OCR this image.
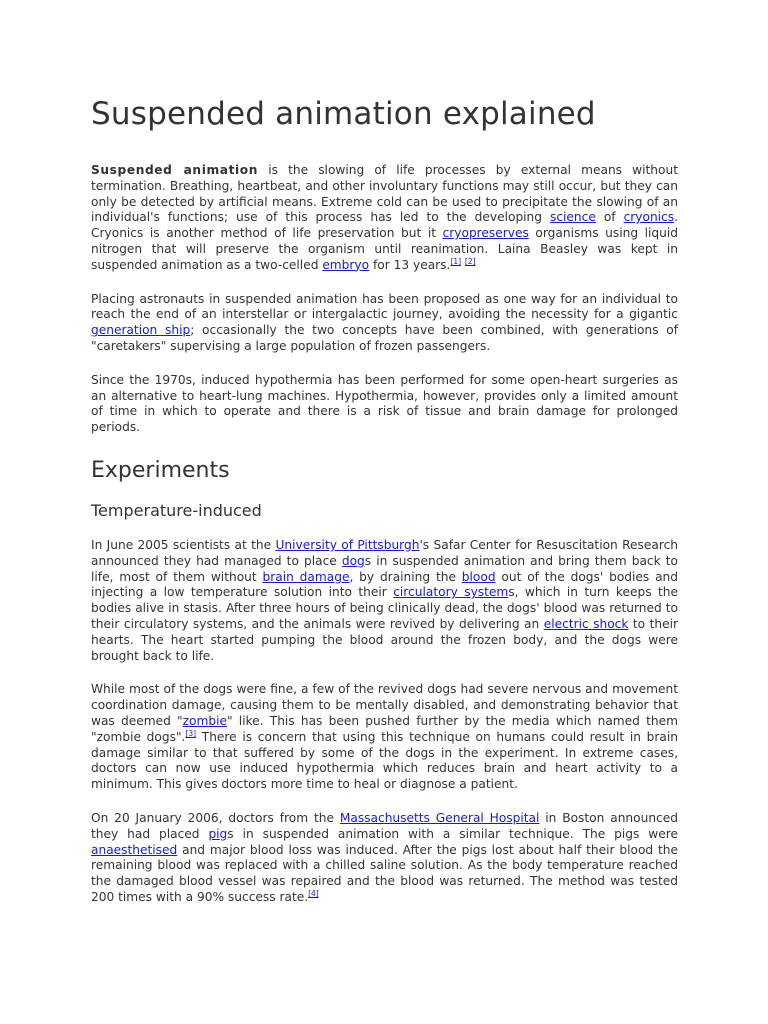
Suspended animation explained

Suspended animation is the slowing of life processes by external means without termination. Breathing, heartbeat, and other involuntary functions may still occur, but they can only be detected by artificial means. Extreme cold can be used to precipitate the slowing of an individual's functions; use of this process has led to the developing science of cryonics. Cryonics is another method of life preservation but it cryopreserves organisms using liquid nitrogen that will preserve the organism until reanimation. Laina Beasley was kept in suspended animation as a two-celled embryo for 13 years.[1] [2]

Placing astronauts in suspended animation has been proposed as one way for an individual to reach the end of an interstellar or intergalactic journey, avoiding the necessity for a gigantic generation ship; occasionally the two concepts have been combined, with generations of "caretakers" supervising a large population of frozen passengers.

Since the 1970s, induced hypothermia has been performed for some open-heart surgeries as an alternative to heart-lung machines. Hypothermia, however, provides only a limited amount of time in which to operate and there is a risk of tissue and brain damage for prolonged periods.

Experiments
Temperature-induced

In June 2005 scientists at the University of Pittsburgh's Safar Center for Resuscitation Research announced they had managed to place dogs in suspended animation and bring them back to life, most of them without brain damage, by draining the blood out of the dogs' bodies and injecting a low temperature solution into their circulatory systems, which in turn keeps the bodies alive in stasis. After three hours of being clinically dead, the dogs' blood was returned to their circulatory systems, and the animals were revived by delivering an electric shock to their hearts. The heart started pumping the blood around the frozen body, and the dogs were brought back to life.

While most of the dogs were fine, a few of the revived dogs had severe nervous and movement coordination damage, causing them to be mentally disabled, and demonstrating behavior that was deemed "zombie" like. This has been pushed further by the media which named them "zombie dogs".[3] There is concern that using this technique on humans could result in brain damage similar to that suffered by some of the dogs in the experiment. In extreme cases, doctors can now use induced hypothermia which reduces brain and heart activity to a minimum. This gives doctors more time to heal or diagnose a patient.

On 20 January 2006, doctors from the Massachusetts General Hospital in Boston announced they had placed pigs in suspended animation with a similar technique. The pigs were anaesthetised and major blood loss was induced. After the pigs lost about half their blood the remaining blood was replaced with a chilled saline solution. As the body temperature reached the damaged blood vessel was repaired and the blood was returned. The method was tested 200 times with a 90% success rate.[4]
